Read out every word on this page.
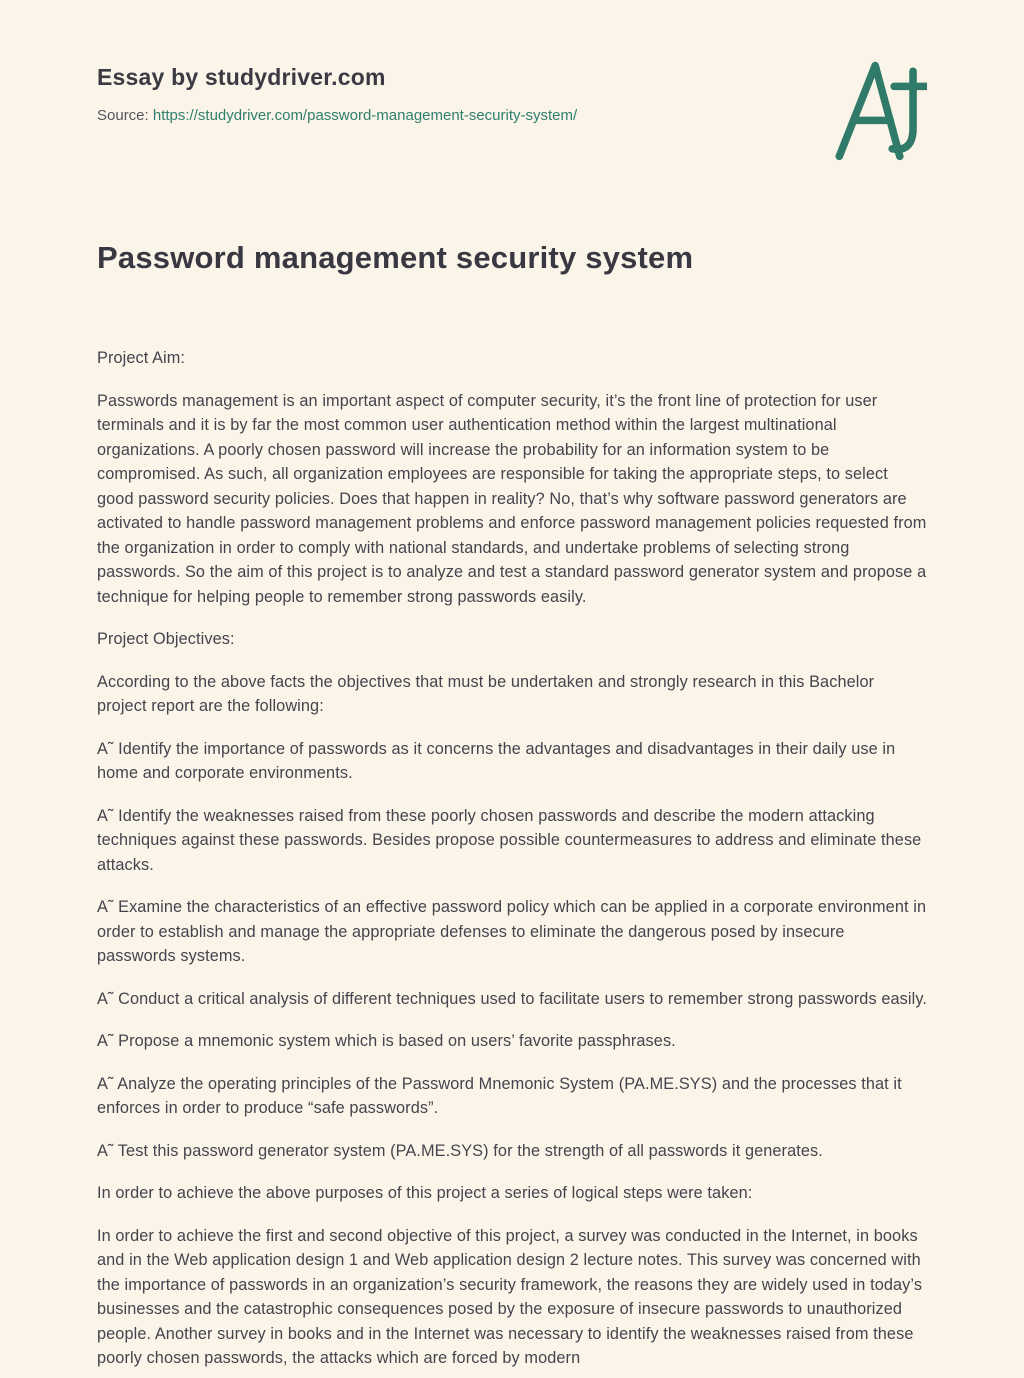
Essay by studydriver.com
Source: https://studydriver.com/password-management-security-system/
Password management security system

Project Aim:

Passwords management is an important aspect of computer security, it’s the front line of protection for user terminals and it is by far the most common user authentication method within the largest multinational organizations. A poorly chosen password will increase the probability for an information system to be compromised. As such, all organization employees are responsible for taking the appropriate steps, to select good password security policies. Does that happen in reality? No, that’s why software password generators are activated to handle password management problems and enforce password management policies requested from the organization in order to comply with national standards, and undertake problems of selecting strong passwords. So the aim of this project is to analyze and test a standard password generator system and propose a technique for helping people to remember strong passwords easily.

Project Objectives:

According to the above facts the objectives that must be undertaken and strongly research in this Bachelor project report are the following:

A˜ Identify the importance of passwords as it concerns the advantages and disadvantages in their daily use in home and corporate environments.

A˜ Identify the weaknesses raised from these poorly chosen passwords and describe the modern attacking techniques against these passwords. Besides propose possible countermeasures to address and eliminate these attacks.

A˜ Examine the characteristics of an effective password policy which can be applied in a corporate environment in order to establish and manage the appropriate defenses to eliminate the dangerous posed by insecure passwords systems.

A˜ Conduct a critical analysis of different techniques used to facilitate users to remember strong passwords easily.

A˜ Propose a mnemonic system which is based on users’ favorite passphrases.

A˜ Analyze the operating principles of the Password Mnemonic System (PA.ME.SYS) and the processes that it enforces in order to produce “safe passwords”.

A˜ Test this password generator system (PA.ME.SYS) for the strength of all passwords it generates.

In order to achieve the above purposes of this project a series of logical steps were taken:

In order to achieve the first and second objective of this project, a survey was conducted in the Internet, in books and in the Web application design 1 and Web application design 2 lecture notes. This survey was concerned with the importance of passwords in an organization’s security framework, the reasons they are widely used in today’s businesses and the catastrophic consequences posed by the exposure of insecure passwords to unauthorized people. Another survey in books and in the Internet was necessary to identify the weaknesses raised from these poorly chosen passwords, the attacks which are forced by modern
